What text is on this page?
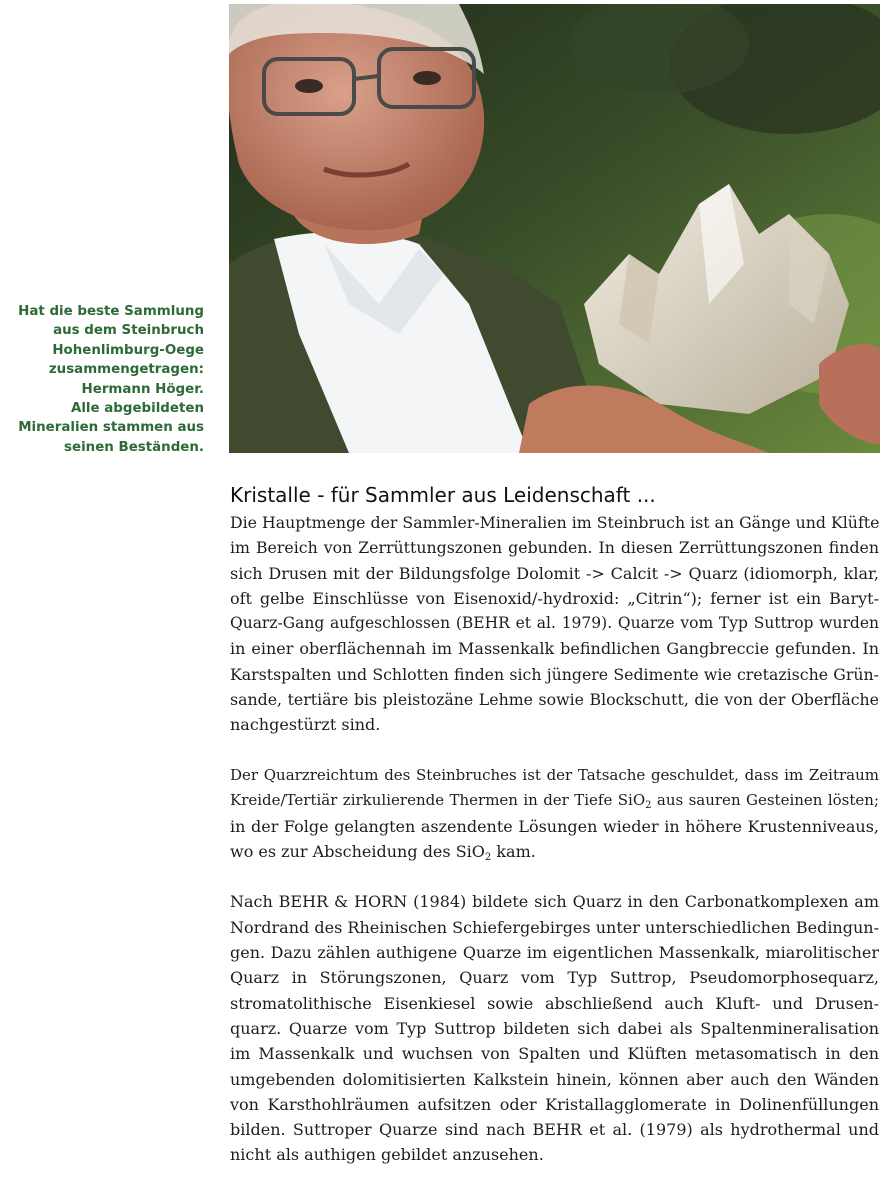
Hat die beste Sammlung
aus dem Steinbruch
Hohenlimburg-Oege
zusammengetragen:
Hermann Höger.
Alle abgebildeten
Mineralien stammen aus
seinen Beständen.
Kristalle - für Sammler aus Leidenschaft ...
Die Hauptmenge der Sammler-Mineralien im Steinbruch ist an Gänge und Klüfte
im Bereich von Zerrüttungszonen gebunden. In diesen Zerrüttungszonen finden
sich Drusen mit der Bildungsfolge Dolomit -> Calcit -> Quarz (idiomorph, klar,
oft gelbe Einschlüsse von Eisenoxid/-hydroxid: „Citrin“); ferner ist ein Baryt-
Quarz-Gang aufgeschlossen (BEHR et al. 1979). Quarze vom Typ Suttrop wurden
in einer oberflächennah im Massenkalk befindlichen Gangbreccie gefunden. In
Karstspalten und Schlotten finden sich jüngere Sedimente wie cretazische Grün-
sande, tertiäre bis pleistozäne Lehme sowie Blockschutt, die von der Oberfläche
nachgestürzt sind.
Der Quarzreichtum des Steinbruches ist der Tatsache geschuldet, dass im Zeitraum
Kreide/Tertiär zirkulierende Thermen in der Tiefe SiO$_2$ aus sauren Gesteinen lösten;
in der Folge gelangten aszendente Lösungen wieder in höhere Krustenniveaus,
wo es zur Abscheidung des SiO$_2$ kam.
Nach BEHR & HORN (1984) bildete sich Quarz in den Carbonatkomplexen am
Nordrand des Rheinischen Schiefergebirges unter unterschiedlichen Bedingun-
gen. Dazu zählen authigene Quarze im eigentlichen Massenkalk, miarolitischer
Quarz in Störungszonen, Quarz vom Typ Suttrop, Pseudomorphosequarz,
stromatolithische Eisenkiesel sowie abschließend auch Kluft- und Drusen-
quarz. Quarze vom Typ Suttrop bildeten sich dabei als Spaltenmineralisation
im Massenkalk und wuchsen von Spalten und Klüften metasomatisch in den
umgebenden dolomitisierten Kalkstein hinein, können aber auch den Wänden
von Karsthohlräumen aufsitzen oder Kristallagglomerate in Dolinenfüllungen
bilden. Suttroper Quarze sind nach BEHR et al. (1979) als hydrothermal und
nicht als authigen gebildet anzusehen.
